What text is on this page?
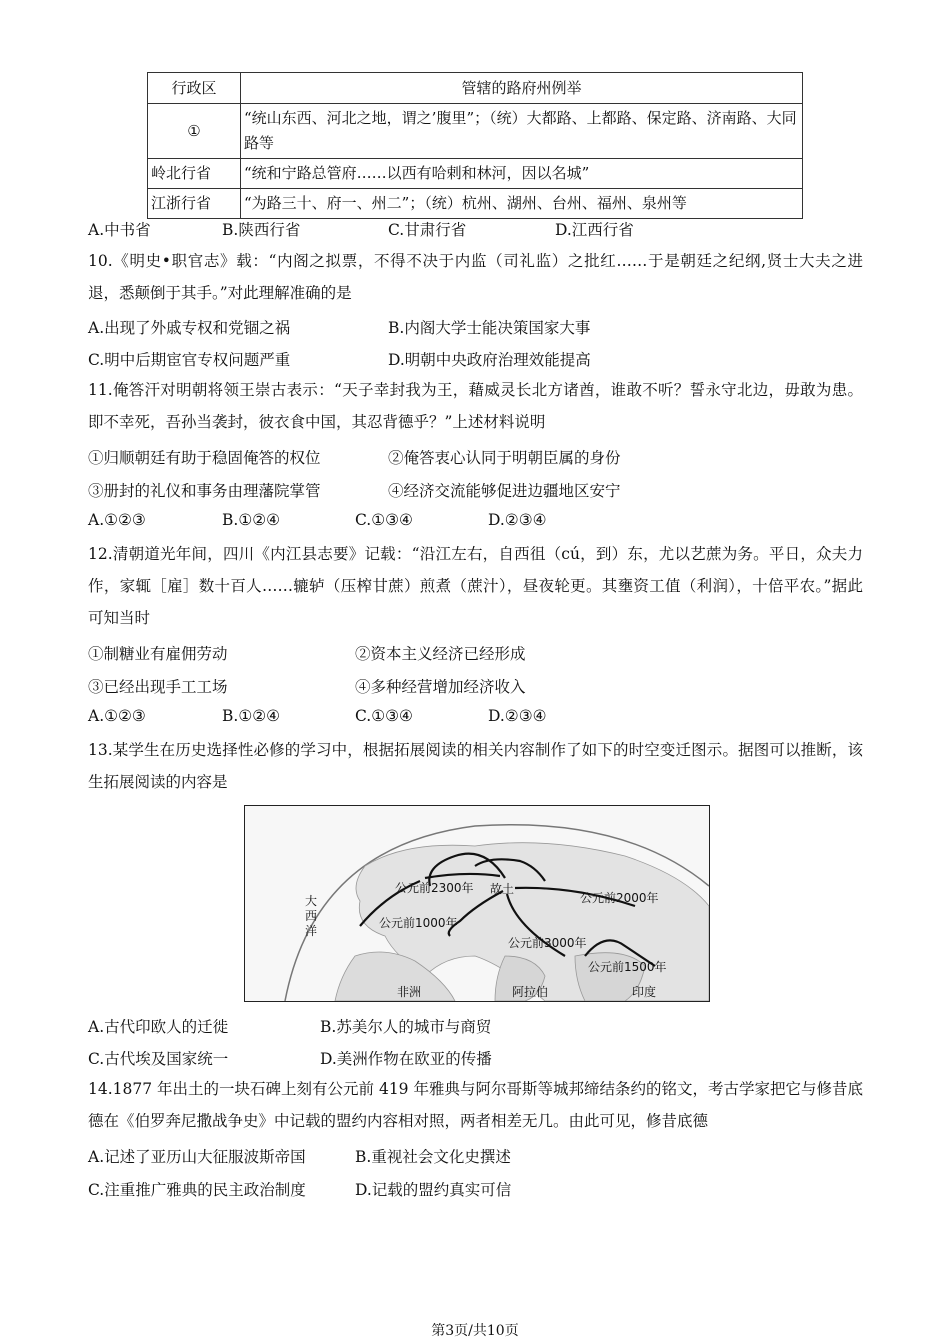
行政区	管辖的路府州例举
①	“统山东西、河北之地，谓之’腹里”；（统）大都路、上都路、保定路、济南路、大同路等
岭北行省	“统和宁路总管府……以西有哈剌和林河，因以名城”
江浙行省	“为路三十、府一、州二”；（统）杭州、湖州、台州、福州、泉州等
A.中书省	B.陕西行省	C.甘肃行省	D.江西行省
10.《明史•职官志》载：“内阁之拟票，不得不决于内监（司礼监）之批红……于是朝廷之纪纲,贤士大夫之进退，悉颠倒于其手。”对此理解准确的是
A.出现了外戚专权和党锢之祸	B.内阁大学士能决策国家大事
C.明中后期宦官专权问题严重	D.明朝中央政府治理效能提高
11.俺答汗对明朝将领王崇古表示：“天子幸封我为王，藉威灵长北方诸酋，谁敢不听？誓永守北边，毋敢为患。即不幸死，吾孙当袭封，彼衣食中国，其忍背德乎？”上述材料说明
①归顺朝廷有助于稳固俺答的权位	②俺答衷心认同于明朝臣属的身份
③册封的礼仪和事务由理藩院掌管	④经济交流能够促进边疆地区安宁
A.①②③	B.①②④	C.①③④	D.②③④
12.清朝道光年间，四川《内江县志要》记载：“沿江左右，自西徂（cú，到）东，尤以艺蔗为务。平日，众夫力作，家辄［雇］数十百人……辘轳（压榨甘蔗）煎煮（蔗汁），昼夜轮更。其壅资工值（利润），十倍平农。”据此可知当时
①制糖业有雇佣劳动	②资本主义经济已经形成
③已经出现手工工场	④多种经营增加经济收入
A.①②③	B.①②④	C.①③④	D.②③④
13.某学生在历史选择性必修的学习中，根据拓展阅读的相关内容制作了如下的时空变迁图示。据图可以推断，该生拓展阅读的内容是
大西洋
公元前2300年 故土
公元前2000年
公元前1000年
公元前3000年
公元前1500年
非洲	阿拉伯	印度
A.古代印欧人的迁徙	B.苏美尔人的城市与商贸
C.古代埃及国家统一	D.美洲作物在欧亚的传播
14.1877 年出土的一块石碑上刻有公元前 419 年雅典与阿尔哥斯等城邦缔结条约的铭文，考古学家把它与修昔底德在《伯罗奔尼撒战争史》中记载的盟约内容相对照，两者相差无几。由此可见，修昔底德
A.记述了亚历山大征服波斯帝国	B.重视社会文化史撰述
C.注重推广雅典的民主政治制度	D.记载的盟约真实可信
第3页/共10页
